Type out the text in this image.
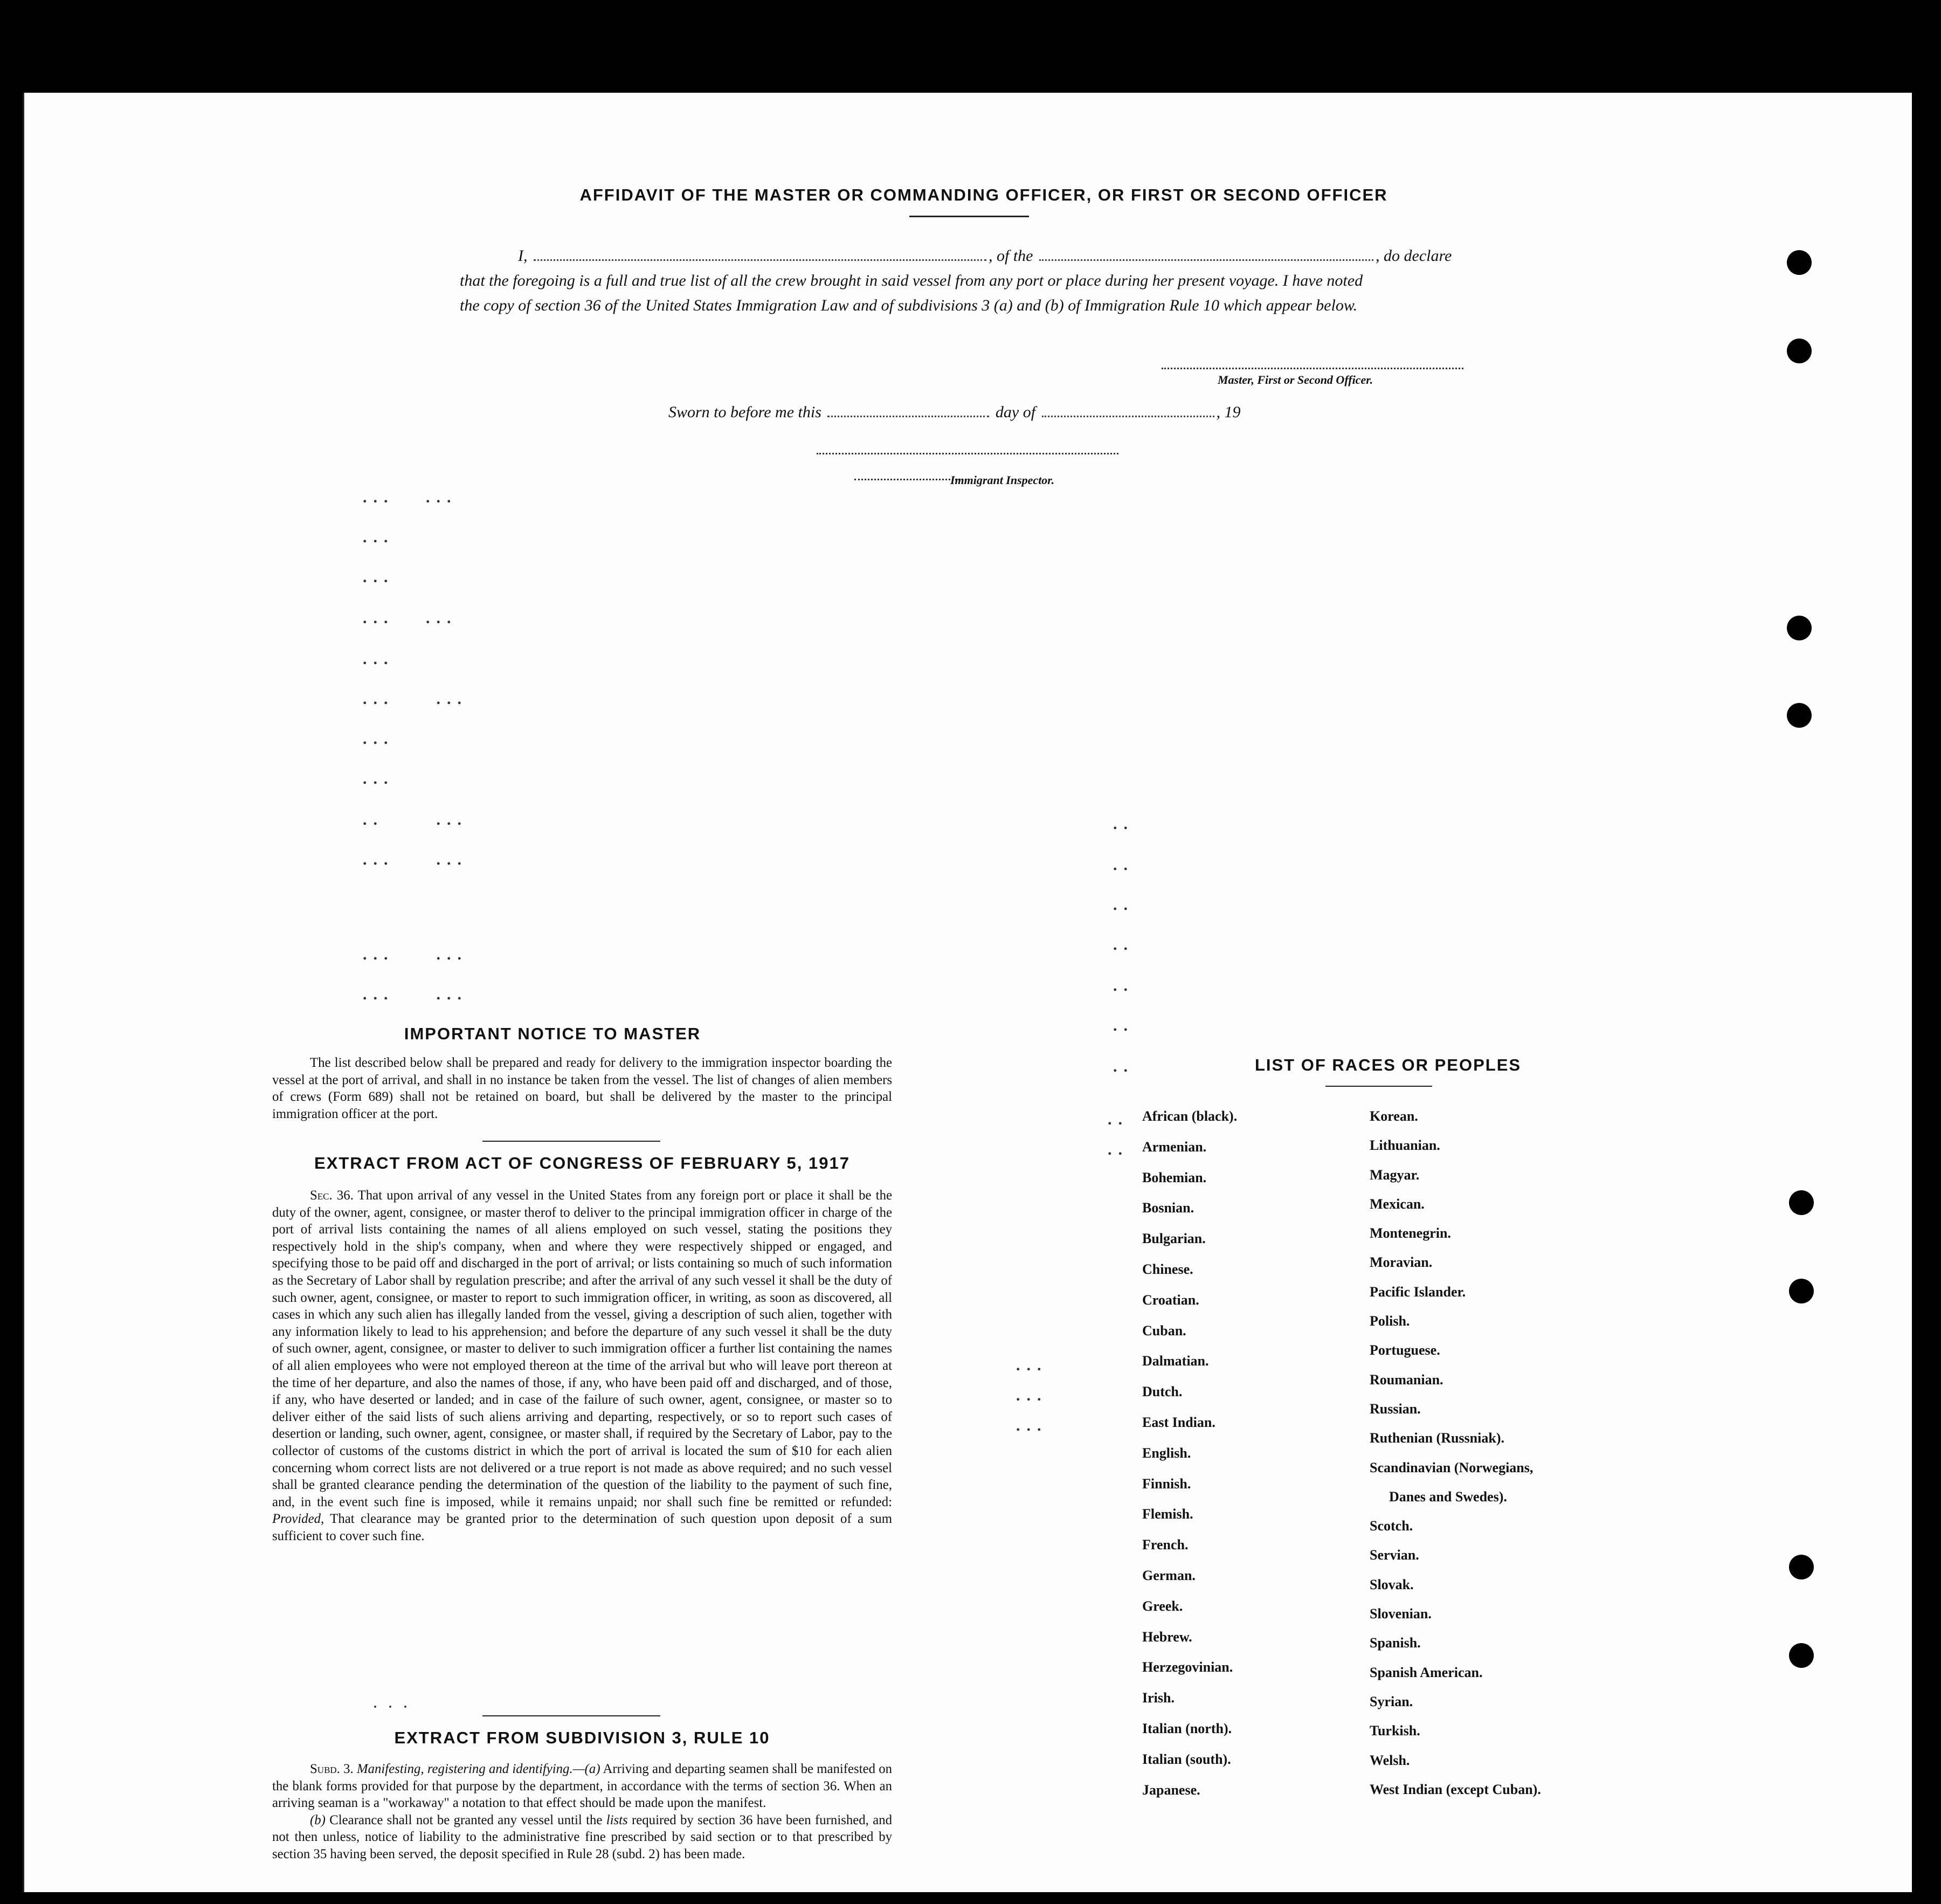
AFFIDAVIT OF THE MASTER OR COMMANDING OFFICER, OR FIRST OR SECOND OFFICER
I,	, of the	, do declare
that the foregoing is a full and true list of all the crew brought in said vessel from any port or place during her present voyage. I have noted
the copy of section 36 of the United States Immigration Law and of subdivisions 3 (a) and (b) of Immigration Rule 10 which appear below.
Master, First or Second Officer.
Sworn to before me this	day of	, 19
Immigrant Inspector.
...   ...
...
...
...   ...
...
...    ...
...
...
..     ...
...    ...
...    ...
...    ...
..
..
..
..
..
..
..
IMPORTANT NOTICE TO MASTER

The list described below shall be prepared and ready for delivery to the immigration inspector boarding the vessel at the port of arrival, and shall in no instance be taken from the vessel. The list of changes of alien members of crews (Form 689) shall not be retained on board, but shall be delivered by the master to the principal immigration officer at the port.

EXTRACT FROM ACT OF CONGRESS OF FEBRUARY 5, 1917

Sec. 36. That upon arrival of any vessel in the United States from any foreign port or place it shall be the duty of the owner, agent, consignee, or master therof to deliver to the principal immigration officer in charge of the port of arrival lists containing the names of all aliens employed on such vessel, stating the positions they respectively hold in the ship's company, when and where they were respectively shipped or engaged, and specifying those to be paid off and discharged in the port of arrival; or lists containing so much of such information as the Secretary of Labor shall by regulation prescribe; and after the arrival of any such vessel it shall be the duty of such owner, agent, consignee, or master to report to such immigration officer, in writing, as soon as discovered, all cases in which any such alien has illegally landed from the vessel, giving a description of such alien, together with any information likely to lead to his apprehension; and before the departure of any such vessel it shall be the duty of such owner, agent, consignee, or master to deliver to such immigration officer a further list containing the names of all alien employees who were not employed thereon at the time of the arrival but who will leave port thereon at the time of her departure, and also the names of those, if any, who have been paid off and discharged, and of those, if any, who have deserted or landed; and in case of the failure of such owner, agent, consignee, or master so to deliver either of the said lists of such aliens arriving and departing, respectively, or so to report such cases of desertion or landing, such owner, agent, consignee, or master shall, if required by the Secretary of Labor, pay to the collector of customs of the customs district in which the port of arrival is located the sum of $10 for each alien concerning whom correct lists are not delivered or a true report is not made as above required; and no such vessel shall be granted clearance pending the determination of the question of the liability to the payment of such fine, and, in the event such fine is imposed, while it remains unpaid; nor shall such fine be remitted or refunded: Provided, That clearance may be granted prior to the determination of such question upon deposit of a sum sufficient to cover such fine.

. . .
EXTRACT FROM SUBDIVISION 3, RULE 10

Subd. 3. Manifesting, registering and identifying.—(a) Arriving and departing seamen shall be manifested on the blank forms provided for that purpose by the department, in accordance with the terms of section 36. When an arriving seaman is a "workaway" a notation to that effect should be made upon the manifest.

(b) Clearance shall not be granted any vessel until the lists required by section 36 have been furnished, and not then unless, notice of liability to the administrative fine prescribed by said section or to that prescribed by section 35 having been served, the deposit specified in Rule 28 (subd. 2) has been made.

LIST OF RACES OR PEOPLES
African (black).
Armenian.
Bohemian.
Bosnian.
Bulgarian.
Chinese.
Croatian.
Cuban.
Dalmatian.
Dutch.
East Indian.
English.
Finnish.
Flemish.
French.
German.
Greek.
Hebrew.
Herzegovinian.
Irish.
Italian (north).
Italian (south).
Japanese.
Korean.
Lithuanian.
Magyar.
Mexican.
Montenegrin.
Moravian.
Pacific Islander.
Polish.
Portuguese.
Roumanian.
Russian.
Ruthenian (Russniak).
Scandinavian (Norwegians,
Danes and Swedes).
Scotch.
Servian.
Slovak.
Slovenian.
Spanish.
Spanish American.
Syrian.
Turkish.
Welsh.
West Indian (except Cuban).
..
..
...
...
...
